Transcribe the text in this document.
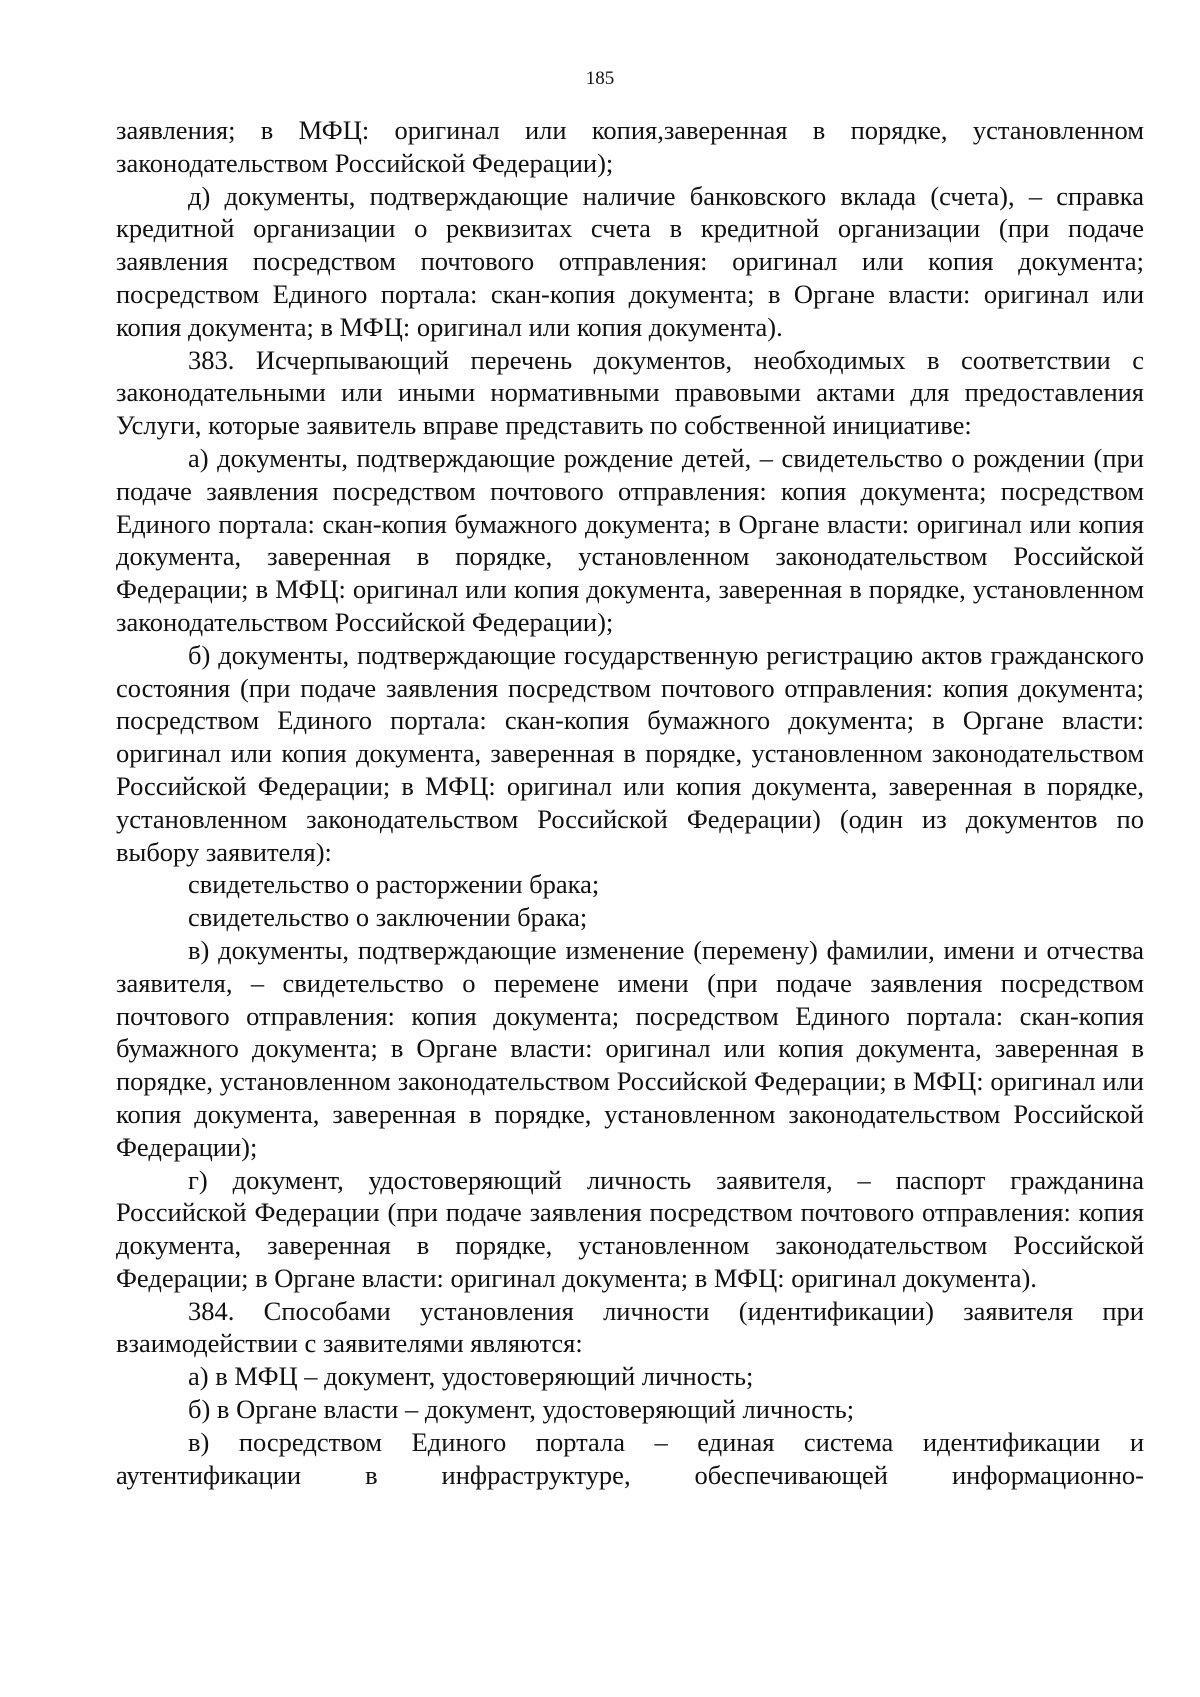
185

заявления; в МФЦ: оригинал или копия,заверенная в порядке, установленном законодательством Российской Федерации);

д) документы, подтверждающие наличие банковского вклада (счета), – справка кредитной организации о реквизитах счета в кредитной организации (при подаче заявления посредством почтового отправления: оригинал или копия документа; посредством Единого портала: скан-копия документа; в Органе власти: оригинал или копия документа; в МФЦ: оригинал или копия документа).

383. Исчерпывающий перечень документов, необходимых в соответствии с законодательными или иными нормативными правовыми актами для предоставления Услуги, которые заявитель вправе представить по собственной инициативе:

а) документы, подтверждающие рождение детей, – свидетельство о рождении (при подаче заявления посредством почтового отправления: копия документа; посредством Единого портала: скан-копия бумажного документа; в Органе власти: оригинал или копия документа, заверенная в порядке, установленном законодательством Российской Федерации; в МФЦ: оригинал или копия документа, заверенная в порядке, установленном законодательством Российской Федерации);

б) документы, подтверждающие государственную регистрацию актов гражданского состояния (при подаче заявления посредством почтового отправления: копия документа; посредством Единого портала: скан-копия бумажного документа; в Органе власти: оригинал или копия документа, заверенная в порядке, установленном законодательством Российской Федерации; в МФЦ: оригинал или копия документа, заверенная в порядке, установленном законодательством Российской Федерации) (один из документов по выбору заявителя):

свидетельство о расторжении брака;

свидетельство о заключении брака;

в) документы, подтверждающие изменение (перемену) фамилии, имени и отчества заявителя, – свидетельство о перемене имени (при подаче заявления посредством почтового отправления: копия документа; посредством Единого портала: скан-копия бумажного документа; в Органе власти: оригинал или копия документа, заверенная в порядке, установленном законодательством Российской Федерации; в МФЦ: оригинал или копия документа, заверенная в порядке, установленном законодательством Российской Федерации);

г) документ, удостоверяющий личность заявителя, – паспорт гражданина Российской Федерации (при подаче заявления посредством почтового отправления: копия документа, заверенная в порядке, установленном законодательством Российской Федерации; в Органе власти: оригинал документа; в МФЦ: оригинал документа).

384. Способами установления личности (идентификации) заявителя при взаимодействии с заявителями являются:

а) в МФЦ – документ, удостоверяющий личность;

б) в Органе власти – документ, удостоверяющий личность;

в) посредством Единого портала – единая система идентификации и аутентификации в инфраструктуре, обеспечивающей информационно-
